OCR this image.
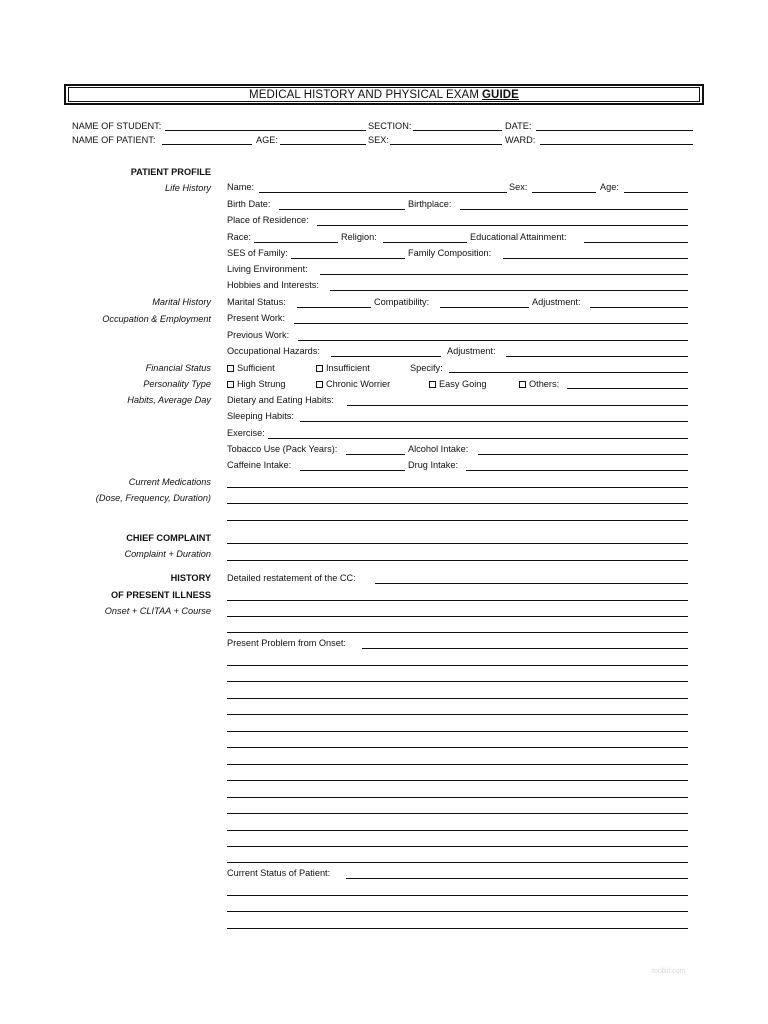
MEDICAL HISTORY AND PHYSICAL EXAM GUIDE
NAME OF STUDENT:	SECTION:	DATE:
NAME OF PATIENT:	AGE:	SEX:	WARD:
PATIENT PROFILE
Life History
Marital History
Occupation & Employment
Financial Status
Personality Type
Habits, Average Day
Current Medications
(Dose, Frequency, Duration)
CHIEF COMPLAINT
Complaint + Duration
HISTORY
OF PRESENT ILLNESS
Onset + CLITAA + Course
Name:	Sex:	Age:
Birth Date:	Birthplace:
Place of Residence:
Race:	Religion:	Educational Attainment:
SES of Family:	Family Composition:
Living Environment:
Hobbies and Interests:
Marital Status:	Compatibility:	Adjustment:
Present Work:
Previous Work:
Occupational Hazards:	Adjustment:
Sufficient	Insufficient	Specify:
High Strung	Chronic Worrier	Easy Going	Others:
Dietary and Eating Habits:
Sleeping Habits:
Exercise:
Tobacco Use (Pack Years):	Alcohol Intake:
Caffeine Intake:	Drug Intake:
Detailed restatement of the CC:
Present Problem from Onset:
Current Status of Patient:
toolkit.com
